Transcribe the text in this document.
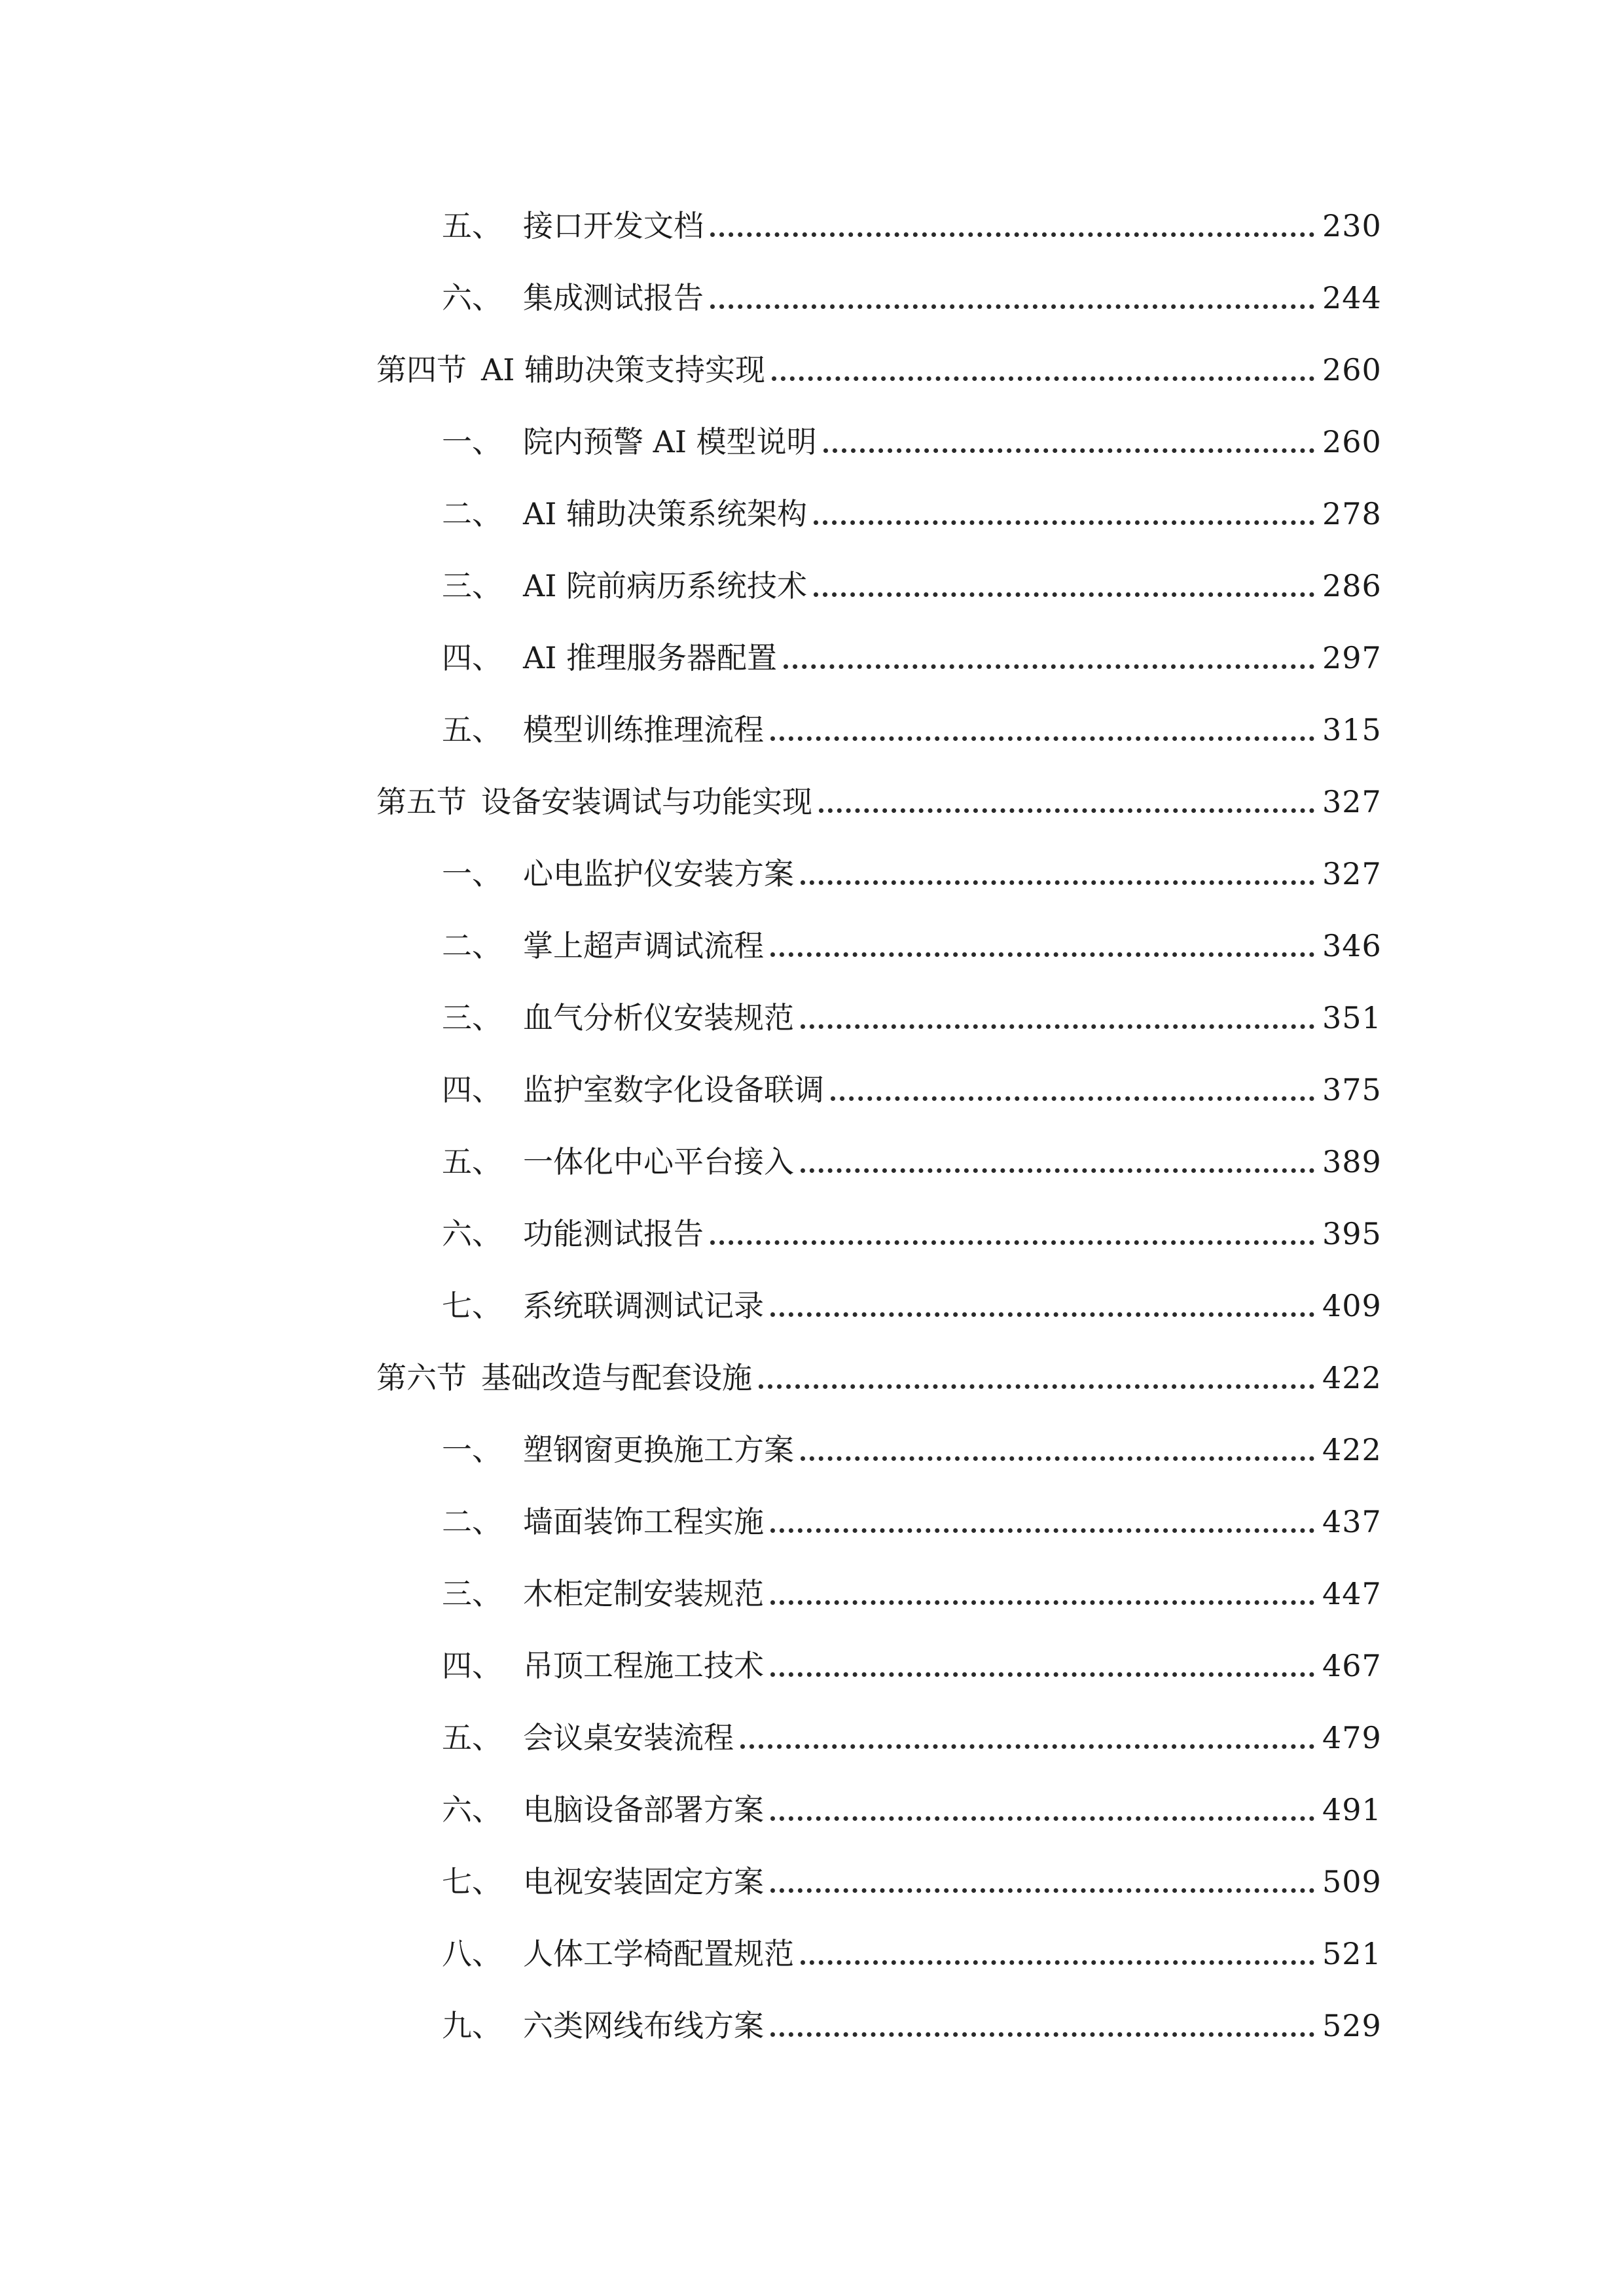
五、 接口开发文档	230
六、 集成测试报告	244
第四节 AI 辅助决策支持实现	260
一、 院内预警 AI 模型说明	260
二、 AI 辅助决策系统架构	278
三、 AI 院前病历系统技术	286
四、 AI 推理服务器配置	297
五、 模型训练推理流程	315
第五节 设备安装调试与功能实现	327
一、 心电监护仪安装方案	327
二、 掌上超声调试流程	346
三、 血气分析仪安装规范	351
四、 监护室数字化设备联调	375
五、 一体化中心平台接入	389
六、 功能测试报告	395
七、 系统联调测试记录	409
第六节 基础改造与配套设施	422
一、 塑钢窗更换施工方案	422
二、 墙面装饰工程实施	437
三、 木柜定制安装规范	447
四、 吊顶工程施工技术	467
五、 会议桌安装流程	479
六、 电脑设备部署方案	491
七、 电视安装固定方案	509
八、 人体工学椅配置规范	521
九、 六类网线布线方案	529
